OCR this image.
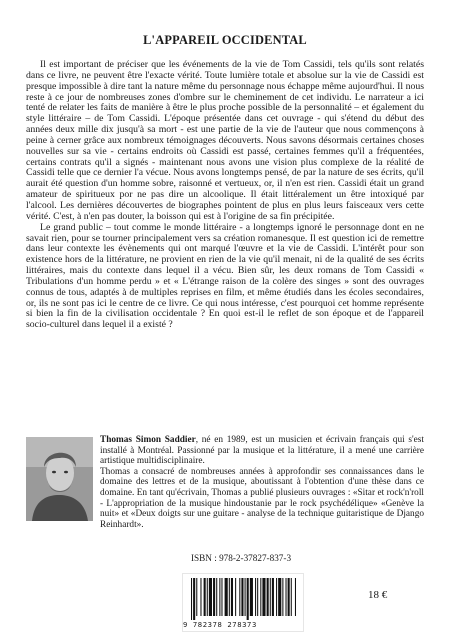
L'APPAREIL OCCIDENTAL

Il est important de préciser que les événements de la vie de Tom Cassidi, tels qu'ils sont relatés dans ce livre, ne peuvent être l'exacte vérité. Toute lumière totale et absolue sur la vie de Cassidi est presque impossible à dire tant la nature même du personnage nous échappe même aujourd'hui. Il nous reste à ce jour de nombreuses zones d'ombre sur le cheminement de cet individu. Le narrateur a ici tenté de relater les faits de manière à être le plus proche possible de la personnalité – et également du style littéraire – de Tom Cassidi. L'époque présentée dans cet ouvrage - qui s'étend du début des années deux mille dix jusqu'à sa mort - est une partie de la vie de l'auteur que nous commençons à peine à cerner grâce aux nombreux témoignages découverts. Nous savons désormais certaines choses nouvelles sur sa vie - certains endroits où Cassidi est passé, certaines femmes qu'il a fréquentées, certains contrats qu'il a signés - maintenant nous avons une vision plus complexe de la réalité de Cassidi telle que ce dernier l'a vécue. Nous avons longtemps pensé, de par la nature de ses écrits, qu'il aurait été question d'un homme sobre, raisonné et vertueux, or, il n'en est rien. Cassidi était un grand amateur de spiritueux por ne pas dire un alcoolique. Il était littéralement un être intoxiqué par l'alcool. Les dernières découvertes de biographes pointent de plus en plus leurs faisceaux vers cette vérité. C'est, à n'en pas douter, la boisson qui est à l'origine de sa fin précipitée.

Le grand public – tout comme le monde littéraire - a longtemps ignoré le personnage dont en ne savait rien, pour se tourner principalement vers sa création romanesque. Il est question ici de remettre dans leur contexte les évènements qui ont marqué l'œuvre et la vie de Cassidi. L'intérêt pour son existence hors de la littérature, ne provient en rien de la vie qu'il menait, ni de la qualité de ses écrits littéraires, mais du contexte dans lequel il a vécu. Bien sûr, les deux romans de Tom Cassidi « Tribulations d'un homme perdu » et « L'étrange raison de la colère des singes » sont des ouvrages connus de tous, adaptés à de multiples reprises en film, et même étudiés dans les écoles secondaires, or, ils ne sont pas ici le centre de ce livre. Ce qui nous intéresse, c'est pourquoi cet homme représente si bien la fin de la civilisation occidentale ? En quoi est-il le reflet de son époque et de l'appareil socio-culturel dans lequel il a existé ?

Thomas Simon Saddier, né en 1989, est un musicien et écrivain français qui s'est installé à Montréal. Passionné par la musique et la littérature, il a mené une carrière artistique multidisciplinaire.

Thomas a consacré de nombreuses années à approfondir ses connaissances dans le domaine des lettres et de la musique, aboutissant à l'obtention d'une thèse dans ce domaine. En tant qu'écrivain, Thomas a publié plusieurs ouvrages : «Sitar et rock'n'roll - L'appropriation de la musique hindoustanie par le rock psychédélique» «Genève la nuit» et «Deux doigts sur une guitare - analyse de la technique guitaristique de Django Reinhardt».

ISBN : 978-2-37827-837-3
9 782378 278373
18 €
